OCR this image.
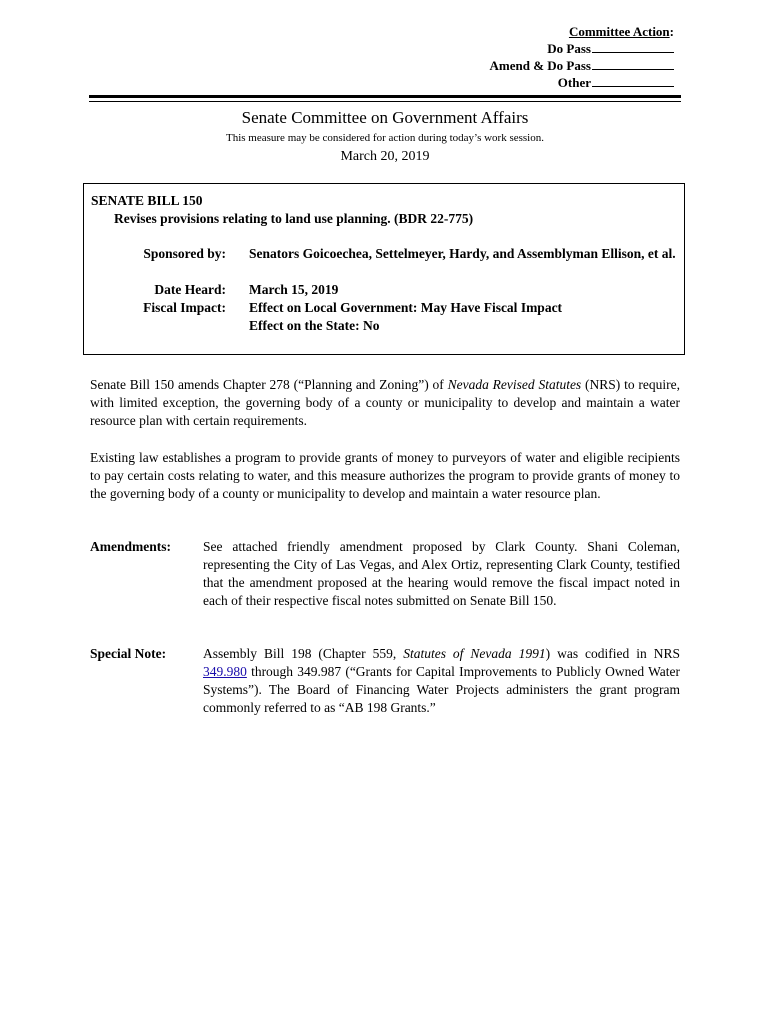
Committee Action:
Do Pass
Amend & Do Pass
Other
Senate Committee on Government Affairs
This measure may be considered for action during today’s work session.
March 20, 2019
SENATE BILL 150
Revises provisions relating to land use planning. (BDR 22-775)
Sponsored by: Senators Goicoechea, Settelmeyer, Hardy, and Assemblyman Ellison, et al.
Date Heard: March 15, 2019
Fiscal Impact: Effect on Local Government: May Have Fiscal Impact
Effect on the State: No
Senate Bill 150 amends Chapter 278 (“Planning and Zoning”) of Nevada Revised Statutes (NRS) to require, with limited exception, the governing body of a county or municipality to develop and maintain a water resource plan with certain requirements.
Existing law establishes a program to provide grants of money to purveyors of water and eligible recipients to pay certain costs relating to water, and this measure authorizes the program to provide grants of money to the governing body of a county or municipality to develop and maintain a water resource plan.
Amendments: See attached friendly amendment proposed by Clark County. Shani Coleman, representing the City of Las Vegas, and Alex Ortiz, representing Clark County, testified that the amendment proposed at the hearing would remove the fiscal impact noted in each of their respective fiscal notes submitted on Senate Bill 150.
Special Note:	Assembly Bill 198 (Chapter 559, Statutes of Nevada 1991) was codified in NRS 349.980 through 349.987 (“Grants for Capital Improvements to Publicly Owned Water Systems”). The Board of Financing Water Projects administers the grant program commonly referred to as “AB 198 Grants.”
